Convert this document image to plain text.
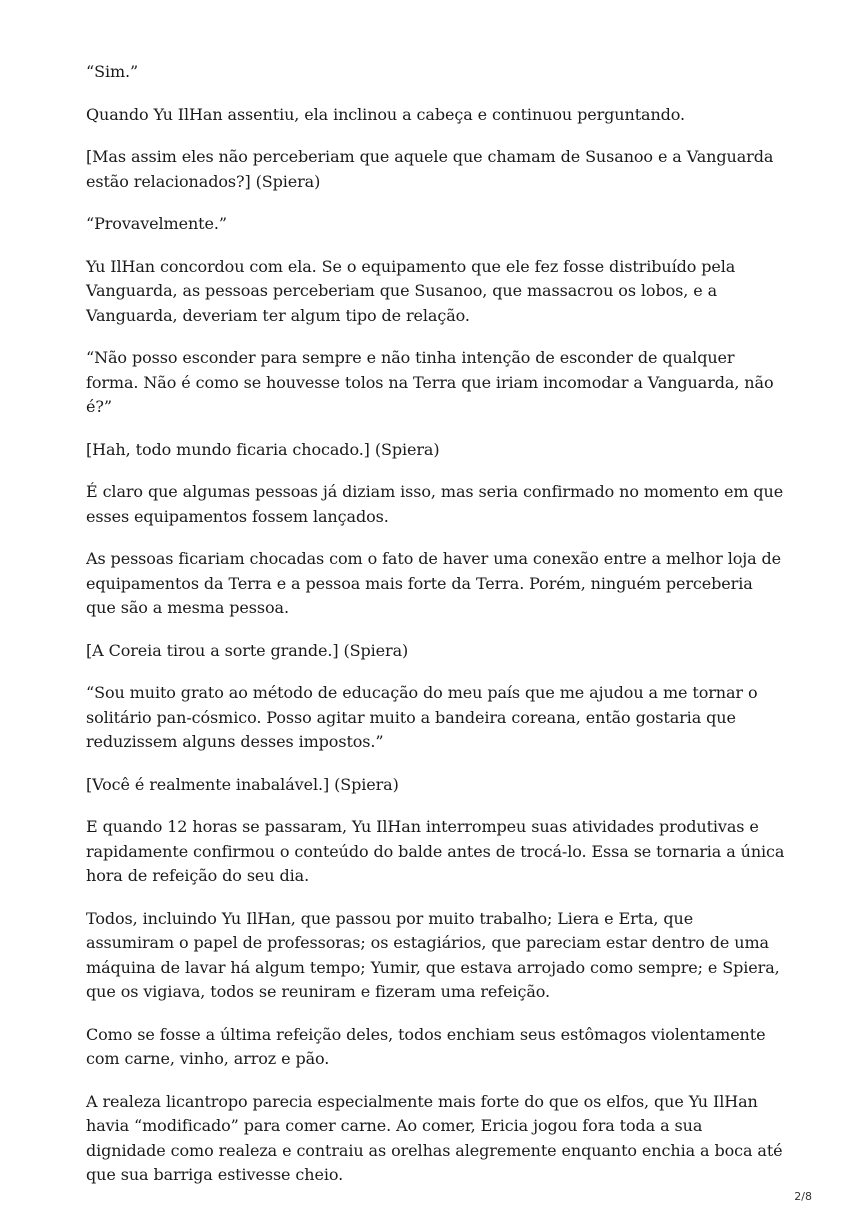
“Sim.”

Quando Yu IlHan assentiu, ela inclinou a cabeça e continuou perguntando.

[Mas assim eles não perceberiam que aquele que chamam de Susanoo e a Vanguarda estão relacionados?] (Spiera)

“Provavelmente.”

Yu IlHan concordou com ela. Se o equipamento que ele fez fosse distribuído pela Vanguarda, as pessoas perceberiam que Susanoo, que massacrou os lobos, e a Vanguarda, deveriam ter algum tipo de relação.

“Não posso esconder para sempre e não tinha intenção de esconder de qualquer forma. Não é como se houvesse tolos na Terra que iriam incomodar a Vanguarda, não é?”

[Hah, todo mundo ficaria chocado.] (Spiera)

É claro que algumas pessoas já diziam isso, mas seria confirmado no momento em que esses equipamentos fossem lançados.

As pessoas ficariam chocadas com o fato de haver uma conexão entre a melhor loja de equipamentos da Terra e a pessoa mais forte da Terra. Porém, ninguém perceberia que são a mesma pessoa.

[A Coreia tirou a sorte grande.] (Spiera)

“Sou muito grato ao método de educação do meu país que me ajudou a me tornar o solitário pan-cósmico. Posso agitar muito a bandeira coreana, então gostaria que reduzissem alguns desses impostos.”

[Você é realmente inabalável.] (Spiera)

E quando 12 horas se passaram, Yu IlHan interrompeu suas atividades produtivas e rapidamente confirmou o conteúdo do balde antes de trocá-lo. Essa se tornaria a única hora de refeição do seu dia.

Todos, incluindo Yu IlHan, que passou por muito trabalho; Liera e Erta, que assumiram o papel de professoras; os estagiários, que pareciam estar dentro de uma máquina de lavar há algum tempo; Yumir, que estava arrojado como sempre; e Spiera, que os vigiava, todos se reuniram e fizeram uma refeição.

Como se fosse a última refeição deles, todos enchiam seus estômagos violentamente com carne, vinho, arroz e pão.

A realeza licantropo parecia especialmente mais forte do que os elfos, que Yu IlHan havia “modificado” para comer carne. Ao comer, Ericia jogou fora toda a sua dignidade como realeza e contraiu as orelhas alegremente enquanto enchia a boca até que sua barriga estivesse cheio.

2/8
